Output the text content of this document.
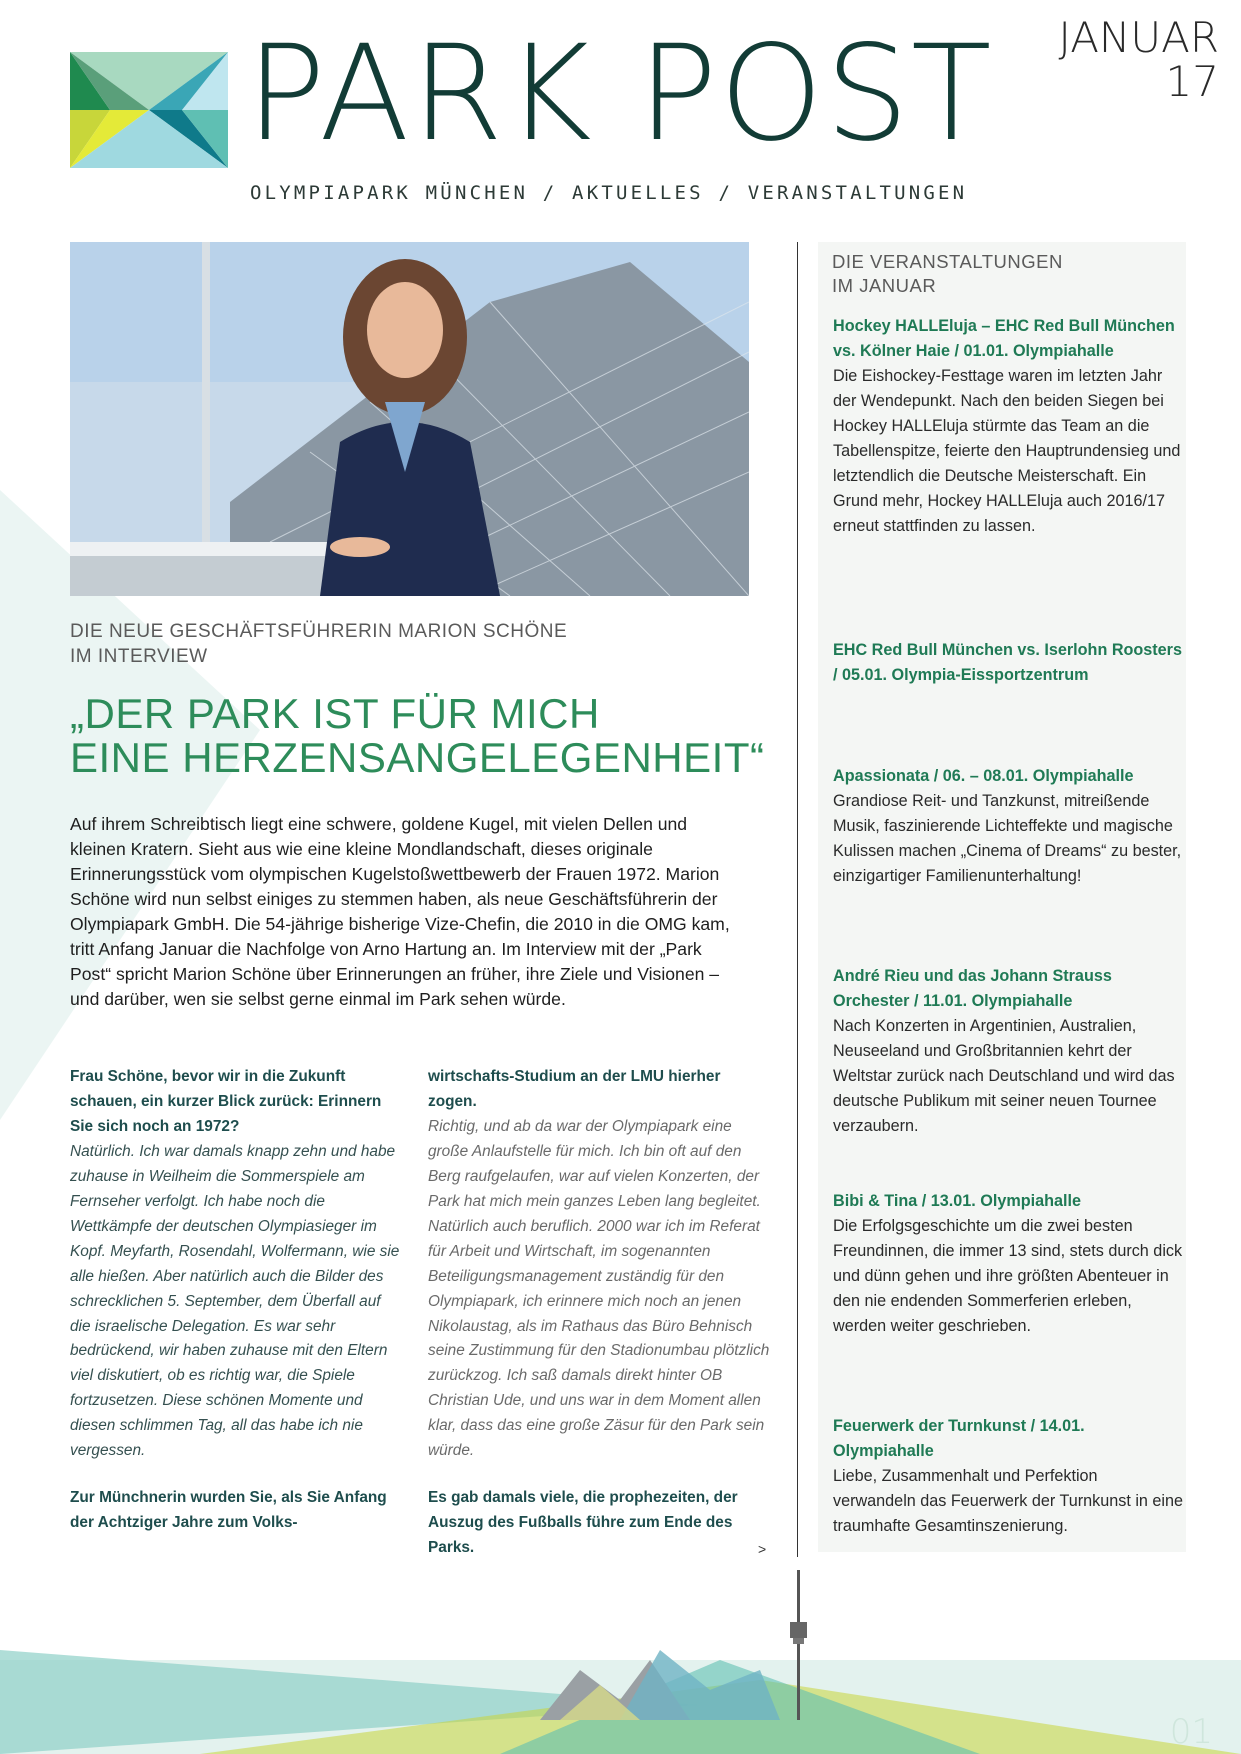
PARK POST
OLYMPIAPARK MÜNCHEN / AKTUELLES / VERANSTALTUNGEN
JANUAR
17
DIE NEUE GESCHÄFTSFÜHRERIN MARION SCHÖNE
IM INTERVIEW
„DER PARK IST FÜR MICH
EINE HERZENSANGELEGENHEIT“
Auf ihrem Schreibtisch liegt eine schwere, goldene Kugel, mit vielen Dellen und kleinen Kratern. Sieht aus wie eine kleine Mondlandschaft, dieses originale Erinnerungsstück vom olympischen Kugelstoßwettbewerb der Frauen 1972. Marion Schöne wird nun selbst einiges zu stemmen haben, als neue Geschäftsführerin der Olympiapark GmbH. Die 54-jährige bisherige Vize-Chefin, die 2010 in die OMG kam, tritt Anfang Januar die Nachfolge von Arno Hartung an. Im Interview mit der „Park Post“ spricht Marion Schöne über Erinnerungen an früher, ihre Ziele und Visionen – und darüber, wen sie selbst gerne einmal im Park sehen würde.
Frau Schöne, bevor wir in die Zukunft schauen, ein kurzer Blick zurück: Erinnern Sie sich noch an 1972?
Natürlich. Ich war damals knapp zehn und habe zuhause in Weilheim die Sommerspiele am Fernseher verfolgt. Ich habe noch die Wettkämpfe der deutschen Olympiasieger im Kopf. Meyfarth, Rosendahl, Wolfermann, wie sie alle hießen. Aber natürlich auch die Bilder des schrecklichen 5. September, dem Überfall auf die israelische Delegation. Es war sehr bedrückend, wir haben zuhause mit den Eltern viel diskutiert, ob es richtig war, die Spiele fortzusetzen. Diese schönen Momente und diesen schlimmen Tag, all das habe ich nie vergessen.
Zur Münchnerin wurden Sie, als Sie Anfang der Achtziger Jahre zum Volks-
wirtschafts-Studium an der LMU hierher zogen.
Richtig, und ab da war der Olympiapark eine große Anlaufstelle für mich. Ich bin oft auf den Berg raufgelaufen, war auf vielen Konzerten, der Park hat mich mein ganzes Leben lang begleitet. Natürlich auch beruflich. 2000 war ich im Referat für Arbeit und Wirtschaft, im sogenannten Beteiligungsmanagement zuständig für den Olympiapark, ich erinnere mich noch an jenen Nikolaustag, als im Rathaus das Büro Behnisch seine Zustimmung für den Stadionumbau plötzlich zurückzog. Ich saß damals direkt hinter OB Christian Ude, und uns war in dem Moment allen klar, dass das eine große Zäsur für den Park sein würde.
Es gab damals viele, die prophezeiten, der Auszug des Fußballs führe zum Ende des Parks.	>
DIE VERANSTALTUNGEN
IM JANUAR
Hockey HALLEluja – EHC Red Bull München vs. Kölner Haie / 01.01. Olympiahalle
Die Eishockey-Festtage waren im letzten Jahr der Wendepunkt. Nach den beiden Siegen bei Hockey HALLEluja stürmte das Team an die Tabellenspitze, feierte den Hauptrundensieg und letztendlich die Deutsche Meisterschaft. Ein Grund mehr, Hockey HALLEluja auch 2016/17 erneut stattfinden zu lassen.
EHC Red Bull München vs. Iserlohn Roosters / 05.01. Olympia-Eissportzentrum
Apassionata / 06. – 08.01. Olympiahalle
Grandiose Reit- und Tanzkunst, mitreißende Musik, faszinierende Lichteffekte und magische Kulissen machen „Cinema of Dreams“ zu bester, einzigartiger Familienunterhaltung!
André Rieu und das Johann Strauss Orchester / 11.01. Olympiahalle
Nach Konzerten in Argentinien, Australien, Neuseeland und Großbritannien kehrt der Weltstar zurück nach Deutschland und wird das deutsche Publikum mit seiner neuen Tournee verzaubern.
Bibi & Tina / 13.01. Olympiahalle
Die Erfolgsgeschichte um die zwei besten Freundinnen, die immer 13 sind, stets durch dick und dünn gehen und ihre größten Abenteuer in den nie endenden Sommerferien erleben, werden weiter geschrieben.
Feuerwerk der Turnkunst / 14.01. Olympiahalle
Liebe, Zusammenhalt und Perfektion verwandeln das Feuerwerk der Turnkunst in eine traumhafte Gesamtinszenierung.
01
